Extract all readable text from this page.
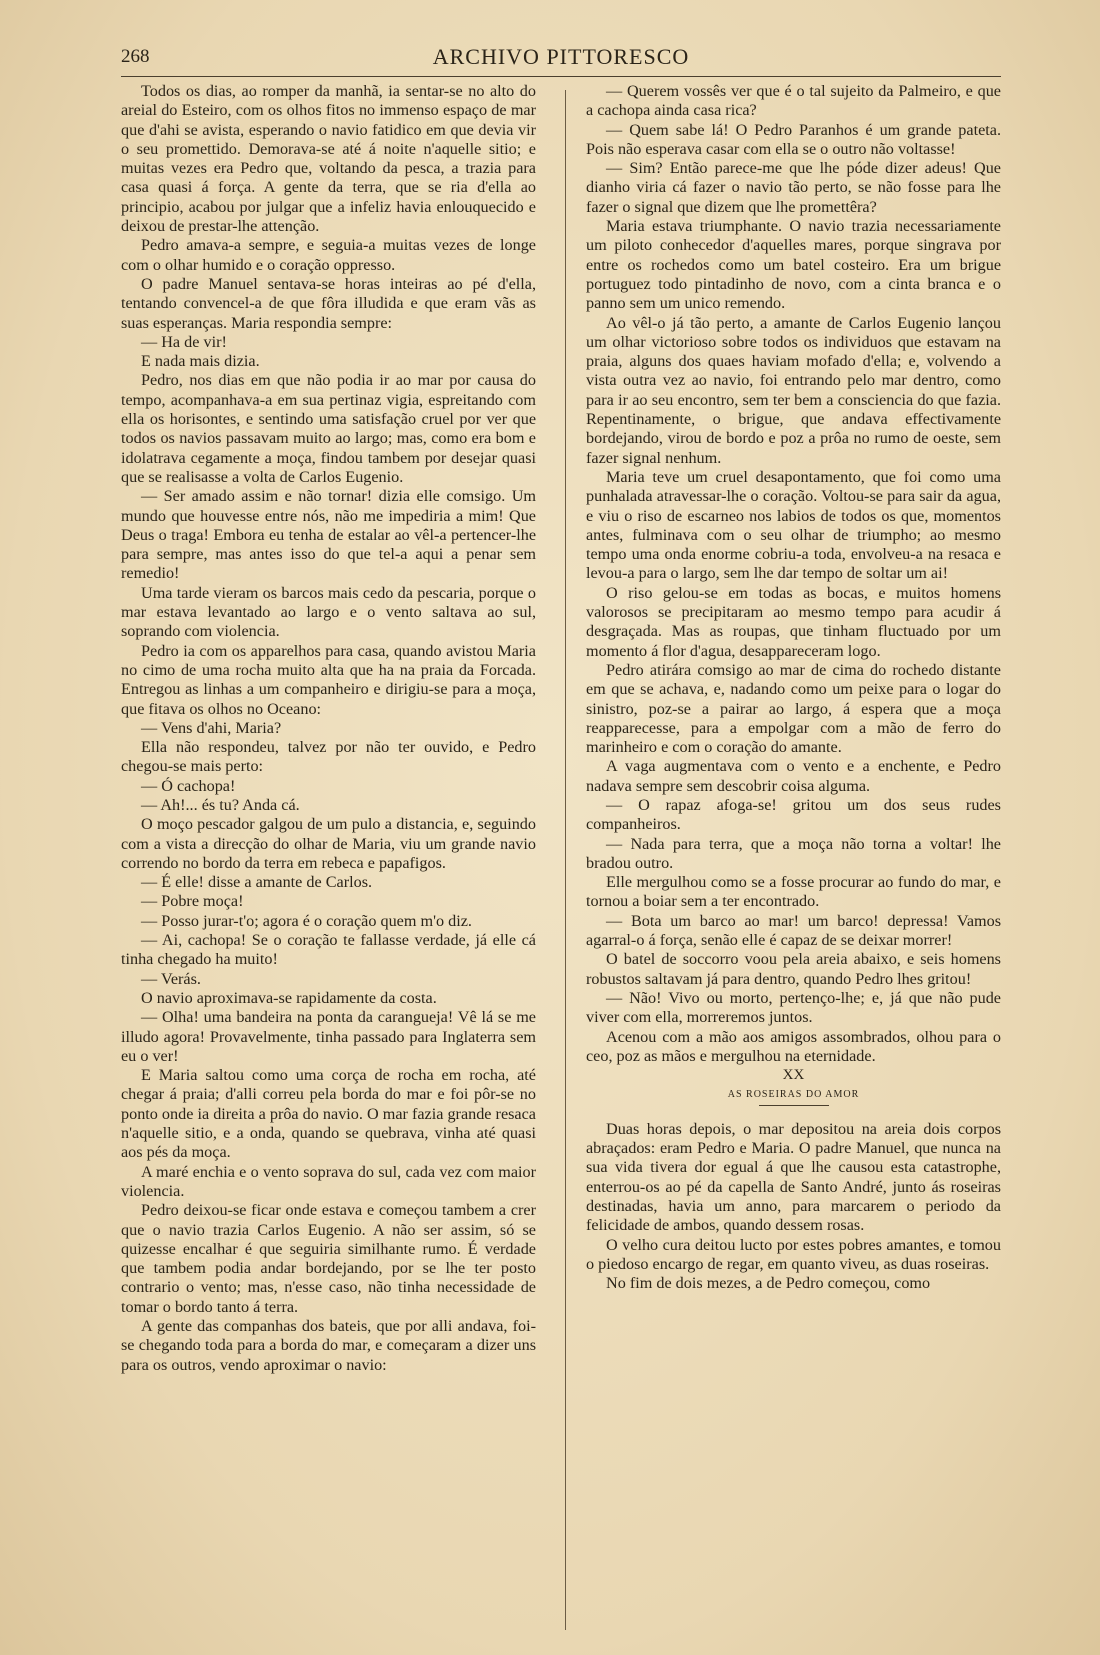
268	ARCHIVO PITTORESCO

Todos os dias, ao romper da manhã, ia sentar-se no alto do areial do Esteiro, com os olhos fitos no immenso espaço de mar que d'ahi se avista, esperando o navio fatidico em que devia vir o seu promettido. Demorava-se até á noite n'aquelle sitio; e muitas vezes era Pedro que, voltando da pesca, a trazia para casa quasi á força. A gente da terra, que se ria d'ella ao principio, acabou por julgar que a infeliz havia enlouquecido e deixou de prestar-lhe attenção.

Pedro amava-a sempre, e seguia-a muitas vezes de longe com o olhar humido e o coração oppresso.

O padre Manuel sentava-se horas inteiras ao pé d'ella, tentando convencel-a de que fôra illudida e que eram vãs as suas esperanças. Maria respondia sempre:

— Ha de vir!

E nada mais dizia.

Pedro, nos dias em que não podia ir ao mar por causa do tempo, acompanhava-a em sua pertinaz vigia, espreitando com ella os horisontes, e sentindo uma satisfação cruel por ver que todos os navios passavam muito ao largo; mas, como era bom e idolatrava cegamente a moça, findou tambem por desejar quasi que se realisasse a volta de Carlos Eugenio.

— Ser amado assim e não tornar! dizia elle comsigo. Um mundo que houvesse entre nós, não me impediria a mim! Que Deus o traga! Embora eu tenha de estalar ao vêl-a pertencer-lhe para sempre, mas antes isso do que tel-a aqui a penar sem remedio!

Uma tarde vieram os barcos mais cedo da pescaria, porque o mar estava levantado ao largo e o vento saltava ao sul, soprando com violencia.

Pedro ia com os apparelhos para casa, quando avistou Maria no cimo de uma rocha muito alta que ha na praia da Forcada. Entregou as linhas a um companheiro e dirigiu-se para a moça, que fitava os olhos no Oceano:

— Vens d'ahi, Maria?

Ella não respondeu, talvez por não ter ouvido, e Pedro chegou-se mais perto:

— Ó cachopa!

— Ah!... és tu? Anda cá.

O moço pescador galgou de um pulo a distancia, e, seguindo com a vista a direcção do olhar de Maria, viu um grande navio correndo no bordo da terra em rebeca e papafigos.

— É elle! disse a amante de Carlos.

— Pobre moça!

— Posso jurar-t'o; agora é o coração quem m'o diz.

— Ai, cachopa! Se o coração te fallasse verdade, já elle cá tinha chegado ha muito!

— Verás.

O navio aproximava-se rapidamente da costa.

— Olha! uma bandeira na ponta da carangueja! Vê lá se me illudo agora! Provavelmente, tinha passado para Inglaterra sem eu o ver!

E Maria saltou como uma corça de rocha em rocha, até chegar á praia; d'alli correu pela borda do mar e foi pôr-se no ponto onde ia direita a prôa do navio. O mar fazia grande resaca n'aquelle sitio, e a onda, quando se quebrava, vinha até quasi aos pés da moça.

A maré enchia e o vento soprava do sul, cada vez com maior violencia.

Pedro deixou-se ficar onde estava e começou tambem a crer que o navio trazia Carlos Eugenio. A não ser assim, só se quizesse encalhar é que seguiria similhante rumo. É verdade que tambem podia andar bordejando, por se lhe ter posto contrario o vento; mas, n'esse caso, não tinha necessidade de tomar o bordo tanto á terra.

A gente das companhas dos bateis, que por alli andava, foi-se chegando toda para a borda do mar, e começaram a dizer uns para os outros, vendo aproximar o navio:

— Querem vossês ver que é o tal sujeito da Palmeiro, e que a cachopa ainda casa rica?

— Quem sabe lá! O Pedro Paranhos é um grande pateta. Pois não esperava casar com ella se o outro não voltasse!

— Sim? Então parece-me que lhe póde dizer adeus! Que dianho viria cá fazer o navio tão perto, se não fosse para lhe fazer o signal que dizem que lhe promettêra?

Maria estava triumphante. O navio trazia necessariamente um piloto conhecedor d'aquelles mares, porque singrava por entre os rochedos como um batel costeiro. Era um brigue portuguez todo pintadinho de novo, com a cinta branca e o panno sem um unico remendo.

Ao vêl-o já tão perto, a amante de Carlos Eugenio lançou um olhar victorioso sobre todos os individuos que estavam na praia, alguns dos quaes haviam mofado d'ella; e, volvendo a vista outra vez ao navio, foi entrando pelo mar dentro, como para ir ao seu encontro, sem ter bem a consciencia do que fazia. Repentinamente, o brigue, que andava effectivamente bordejando, virou de bordo e poz a prôa no rumo de oeste, sem fazer signal nenhum.

Maria teve um cruel desapontamento, que foi como uma punhalada atravessar-lhe o coração. Voltou-se para sair da agua, e viu o riso de escarneo nos labios de todos os que, momentos antes, fulminava com o seu olhar de triumpho; ao mesmo tempo uma onda enorme cobriu-a toda, envolveu-a na resaca e levou-a para o largo, sem lhe dar tempo de soltar um ai!

O riso gelou-se em todas as bocas, e muitos homens valorosos se precipitaram ao mesmo tempo para acudir á desgraçada. Mas as roupas, que tinham fluctuado por um momento á flor d'agua, desappareceram logo.

Pedro atirára comsigo ao mar de cima do rochedo distante em que se achava, e, nadando como um peixe para o logar do sinistro, poz-se a pairar ao largo, á espera que a moça reapparecesse, para a empolgar com a mão de ferro do marinheiro e com o coração do amante.

A vaga augmentava com o vento e a enchente, e Pedro nadava sempre sem descobrir coisa alguma.

— O rapaz afoga-se! gritou um dos seus rudes companheiros.

— Nada para terra, que a moça não torna a voltar! lhe bradou outro.

Elle mergulhou como se a fosse procurar ao fundo do mar, e tornou a boiar sem a ter encontrado.

— Bota um barco ao mar! um barco! depressa! Vamos agarral-o á força, senão elle é capaz de se deixar morrer!

O batel de soccorro voou pela areia abaixo, e seis homens robustos saltavam já para dentro, quando Pedro lhes gritou!

— Não! Vivo ou morto, pertenço-lhe; e, já que não pude viver com ella, morreremos juntos.

Acenou com a mão aos amigos assombrados, olhou para o ceo, poz as mãos e mergulhou na eternidade.

XX

AS ROSEIRAS DO AMOR

Duas horas depois, o mar depositou na areia dois corpos abraçados: eram Pedro e Maria. O padre Manuel, que nunca na sua vida tivera dor egual á que lhe causou esta catastrophe, enterrou-os ao pé da capella de Santo André, junto ás roseiras destinadas, havia um anno, para marcarem o periodo da felicidade de ambos, quando dessem rosas.

O velho cura deitou lucto por estes pobres amantes, e tomou o piedoso encargo de regar, em quanto viveu, as duas roseiras.

No fim de dois mezes, a de Pedro começou, como
